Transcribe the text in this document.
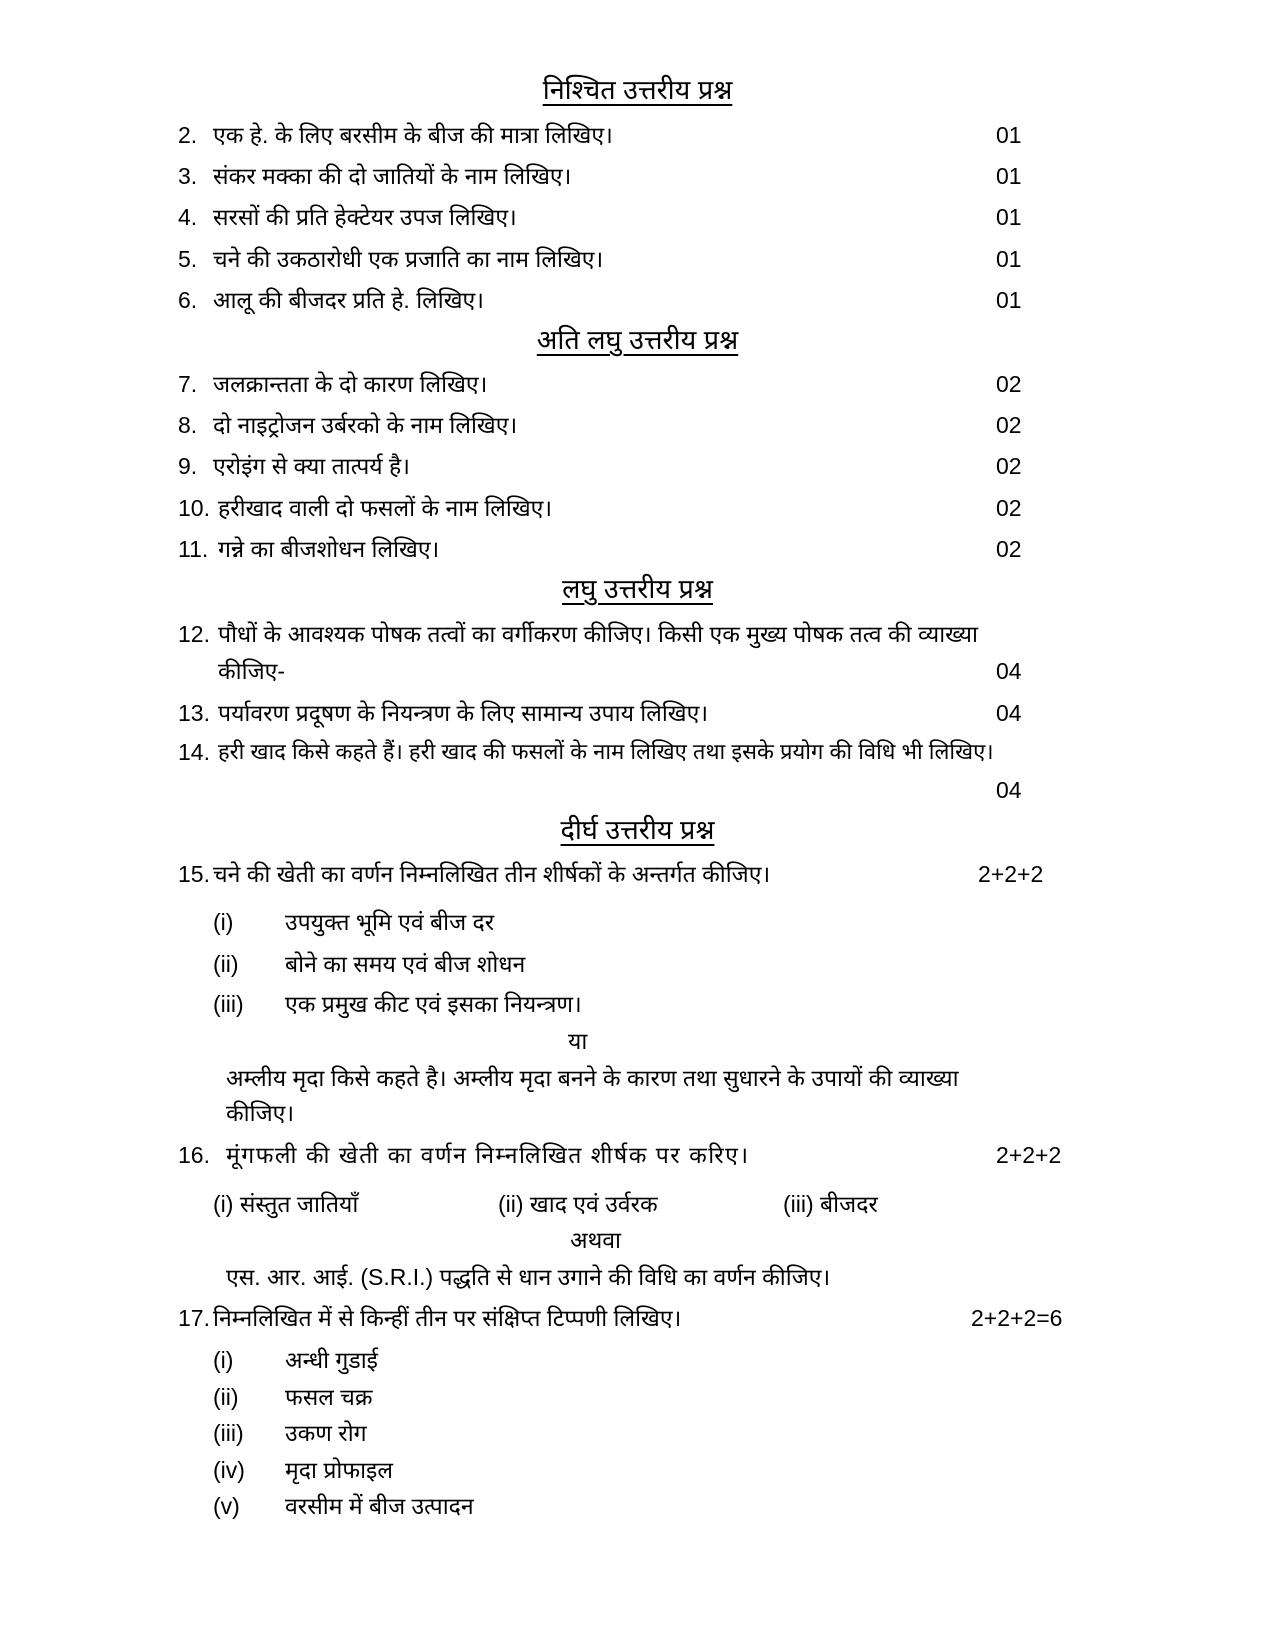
निश्चित उत्तरीय प्रश्न
2. एक हे. के लिए बरसीम के बीज की मात्रा लिखिए।	01
3. संकर मक्का की दो जातियों के नाम लिखिए।	01
4. सरसों की प्रति हेक्टेयर उपज लिखिए।	01
5. चने की उकठारोधी एक प्रजाति का नाम लिखिए।	01
6. आलू की बीजदर प्रति हे. लिखिए।	01
अति लघु उत्तरीय प्रश्न
7. जलक्रान्तता के दो कारण लिखिए।	02
8. दो नाइट्रोजन उर्बरको के नाम लिखिए।	02
9. एरोइंग से क्या तात्पर्य है।	02
10. हरीखाद वाली दो फसलों के नाम लिखिए।	02
11. गन्ने का बीजशोधन लिखिए।	02
लघु उत्तरीय प्रश्न
12. पौधों के आवश्यक पोषक तत्वों का वर्गीकरण कीजिए। किसी एक मुख्य पोषक तत्व की व्याख्या
कीजिए-	04
13. पर्यावरण प्रदूषण के नियन्त्रण के लिए सामान्य उपाय लिखिए।	04
14. हरी खाद किसे कहते हैं। हरी खाद की फसलों के नाम लिखिए तथा इसके प्रयोग की विधि भी लिखिए।
04
दीर्घ उत्तरीय प्रश्न
15. चने की खेती का वर्णन निम्नलिखित तीन शीर्षकों के अन्तर्गत कीजिए।	2+2+2
(i) उपयुक्त भूमि एवं बीज दर
(ii) बोने का समय एवं बीज शोधन
(iii) एक प्रमुख कीट एवं इसका नियन्त्रण।
या
अम्लीय मृदा किसे कहते है। अम्लीय मृदा बनने के कारण तथा सुधारने के उपायों की व्याख्या
कीजिए।
16. मूंगफली की खेती का वर्णन निम्नलिखित शीर्षक पर करिए।	2+2+2
(i) संस्तुत जातियाँ	(ii) खाद एवं उर्वरक	(iii) बीजदर
अथवा
एस. आर. आई. (S.R.I.) पद्धति से धान उगाने की विधि का वर्णन कीजिए।
17. निम्नलिखित में से किन्हीं तीन पर संक्षिप्त टिप्पणी लिखिए।	2+2+2=6
(i) अन्धी गुडाई
(ii) फसल चक्र
(iii) उकण रोग
(iv) मृदा प्रोफाइल
(v) वरसीम में बीज उत्पादन
